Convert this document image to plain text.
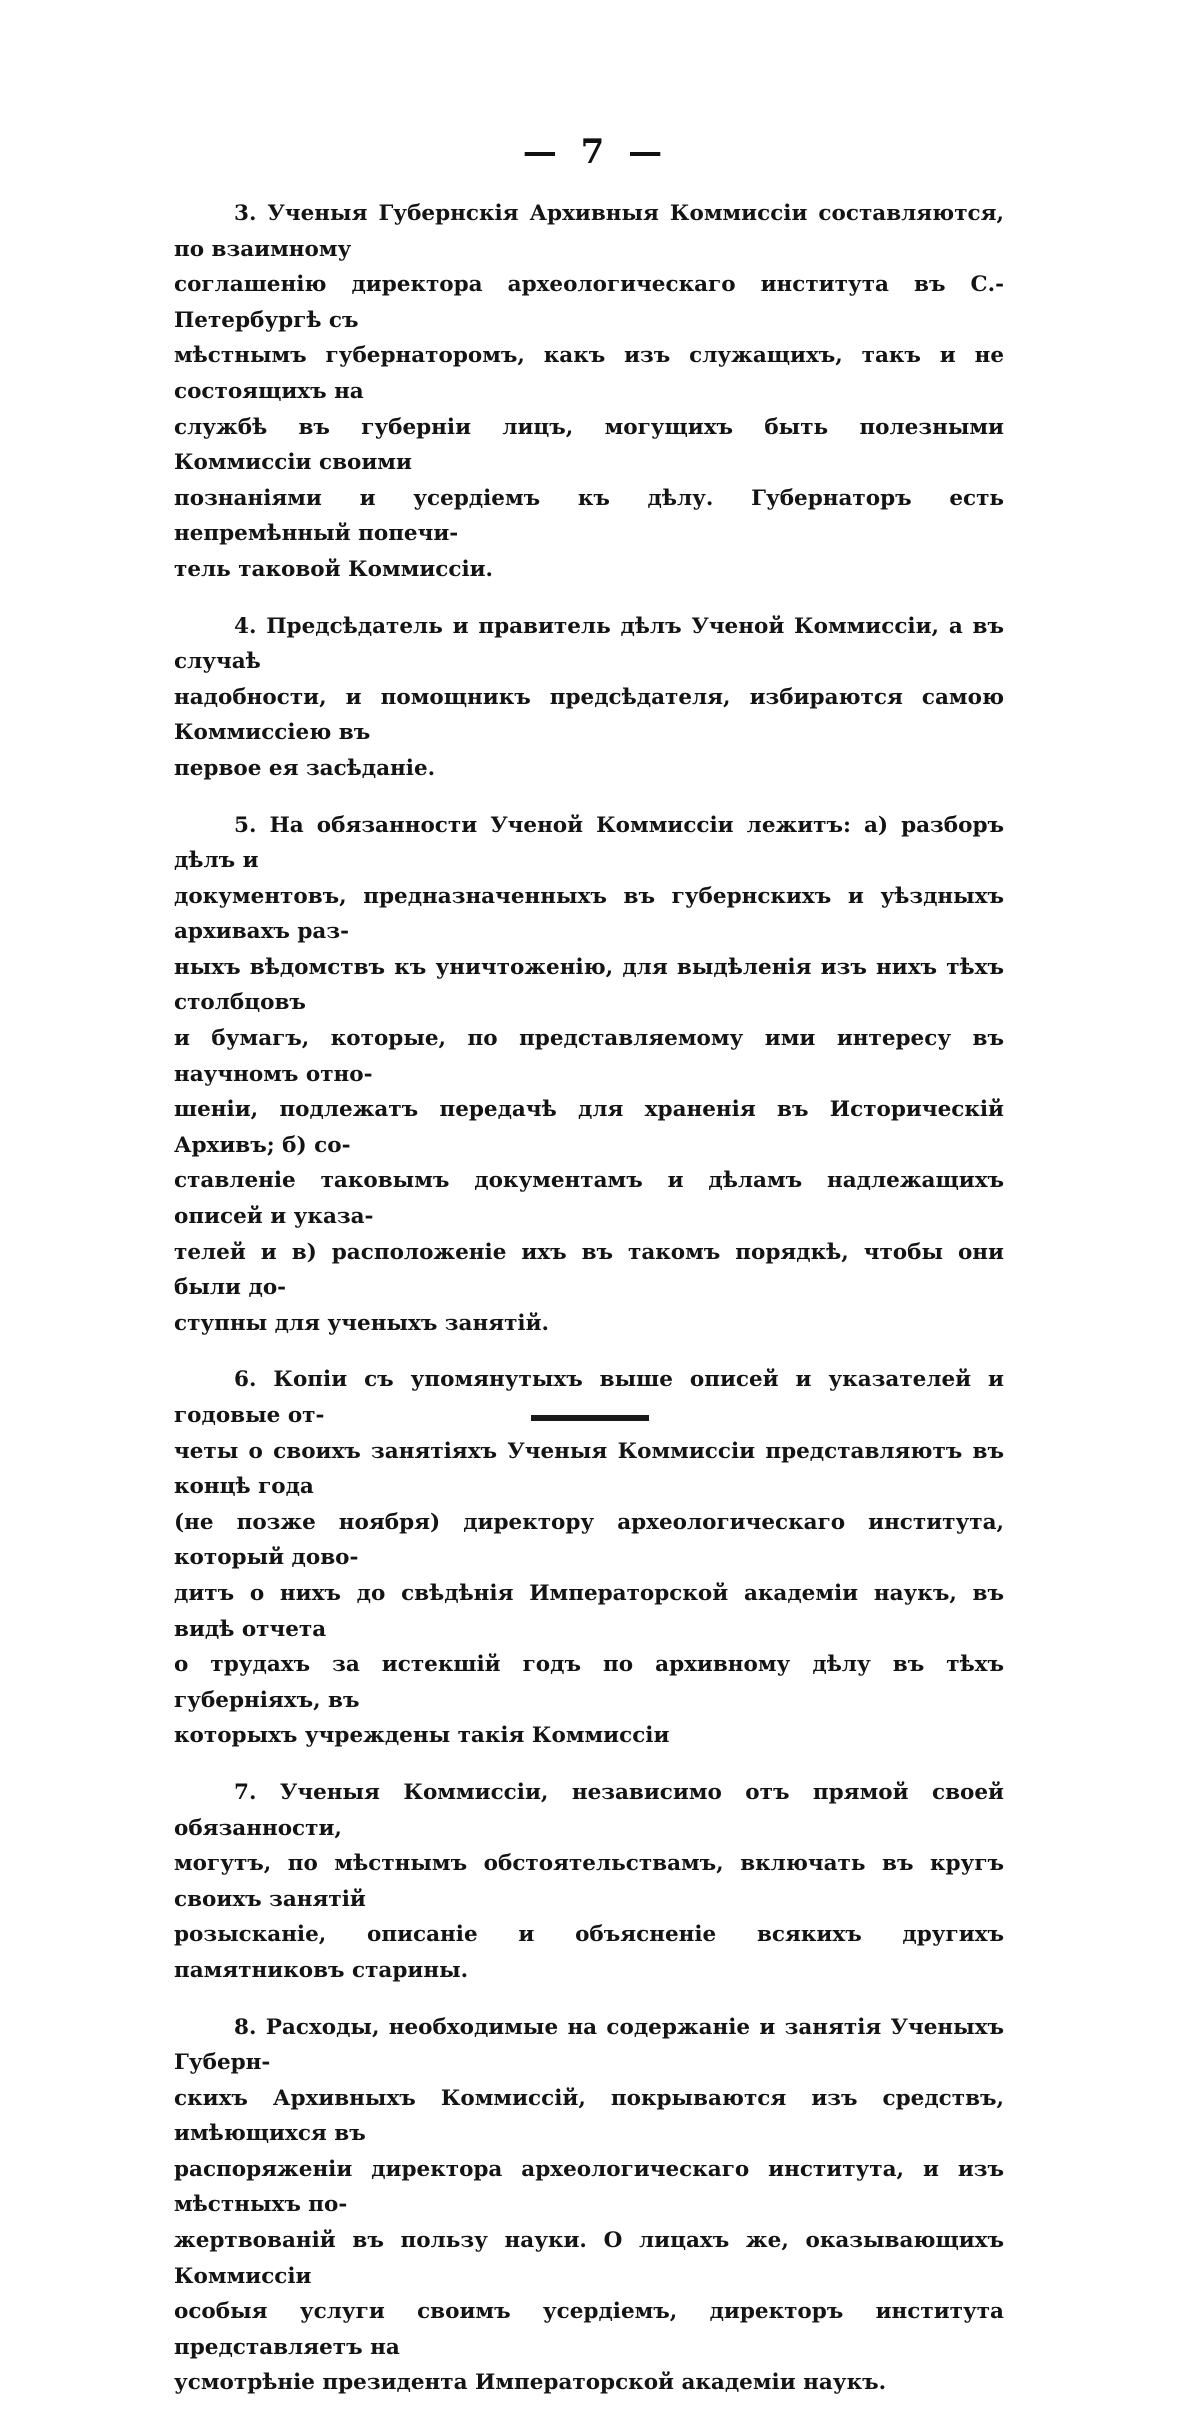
— 7 —

3. Ученыя Губернскія Архивныя Коммиссіи составляются, по взаимному
соглашенію директора археологическаго института въ С.-Петербургѣ съ
мѣстнымъ губернаторомъ, какъ изъ служащихъ, такъ и не состоящихъ на
службѣ въ губерніи лицъ, могущихъ быть полезными Коммиссіи своими
познаніями и усердіемъ къ дѣлу. Губернаторъ есть непремѣнный попечи-
тель таковой Коммиссіи.

4. Предсѣдатель и правитель дѣлъ Ученой Коммиссіи, а въ случаѣ
надобности, и помощникъ предсѣдателя, избираются самою Коммиссіею въ
первое ея засѣданіе.

5. На обязанности Ученой Коммиссіи лежитъ: а) разборъ дѣлъ и
документовъ, предназначенныхъ въ губернскихъ и уѣздныхъ архивахъ раз-
ныхъ вѣдомствъ къ уничтоженію, для выдѣленія изъ нихъ тѣхъ столбцовъ
и бумагъ, которые, по представляемому ими интересу въ научномъ отно-
шеніи, подлежатъ передачѣ для храненія въ Историческій Архивъ; б) со-
ставленіе таковымъ документамъ и дѣламъ надлежащихъ описей и указа-
телей и в) расположеніе ихъ въ такомъ порядкѣ, чтобы они были до-
ступны для ученыхъ занятій.

6. Копіи съ упомянутыхъ выше описей и указателей и годовые от-
четы о своихъ занятіяхъ Ученыя Коммиссіи представляютъ въ концѣ года
(не позже ноября) директору археологическаго института, который дово-
дитъ о нихъ до свѣдѣнія Императорской академіи наукъ, въ видѣ отчета
о трудахъ за истекшій годъ по архивному дѣлу въ тѣхъ губерніяхъ, въ
которыхъ учреждены такія Коммиссіи

7. Ученыя Коммиссіи, независимо отъ прямой своей обязанности,
могутъ, по мѣстнымъ обстоятельствамъ, включать въ кругъ своихъ занятій
розысканіе, описаніе и объясненіе всякихъ другихъ памятниковъ старины.

8. Расходы, необходимые на содержаніе и занятія Ученыхъ Губерн-
скихъ Архивныхъ Коммиссій, покрываются изъ средствъ, имѣющихся въ
распоряженіи директора археологическаго института, и изъ мѣстныхъ по-
жертвованій въ пользу науки. О лицахъ же, оказывающихъ Коммиссіи
особыя услуги своимъ усердіемъ, директоръ института представляетъ на
усмотрѣніе президента Императорской академіи наукъ.
